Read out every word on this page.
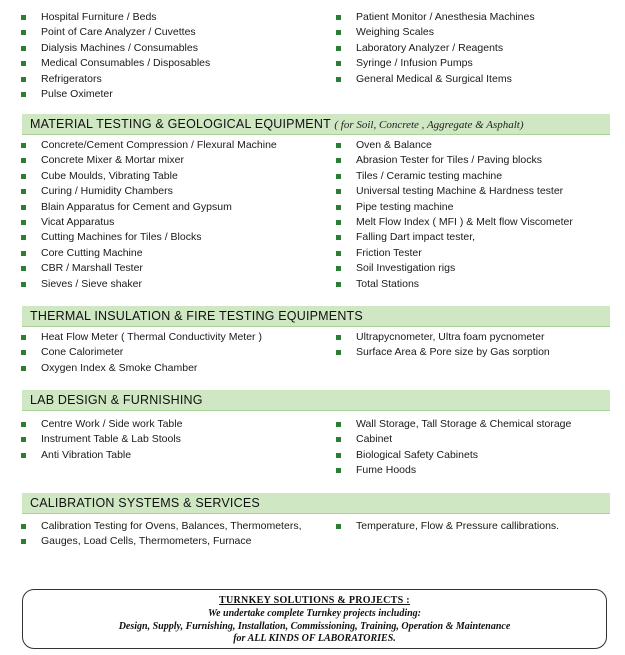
Hospital Furniture / Beds
Point of Care Analyzer / Cuvettes
Dialysis Machines / Consumables
Medical Consumables / Disposables
Refrigerators
Pulse Oximeter
Patient Monitor / Anesthesia Machines
Weighing Scales
Laboratory Analyzer / Reagents
Syringe / Infusion Pumps
General Medical & Surgical Items
MATERIAL TESTING & GEOLOGICAL EQUIPMENT ( for Soil, Concrete , Aggregate & Asphalt)
Concrete/Cement Compression / Flexural Machine
Concrete Mixer & Mortar mixer
Cube Moulds, Vibrating Table
Curing / Humidity Chambers
Blain Apparatus for Cement and Gypsum
Vicat Apparatus
Cutting Machines for Tiles / Blocks
Core Cutting Machine
CBR / Marshall Tester
Sieves / Sieve shaker
Oven & Balance
Abrasion Tester for Tiles / Paving blocks
Tiles / Ceramic testing machine
Universal testing Machine & Hardness tester
Pipe testing machine
Melt Flow Index ( MFI ) & Melt flow Viscometer
Falling Dart impact tester,
Friction Tester
Soil Investigation rigs
Total Stations
THERMAL INSULATION & FIRE TESTING EQUIPMENTS
Heat Flow Meter ( Thermal Conductivity Meter )
Cone Calorimeter
Oxygen Index & Smoke Chamber
Ultrapycnometer, Ultra foam pycnometer
Surface Area & Pore size by Gas sorption
LAB DESIGN & FURNISHING
Centre Work / Side work Table
Instrument Table & Lab Stools
Anti Vibration Table
Wall Storage, Tall Storage & Chemical storage
Cabinet
Biological Safety Cabinets
Fume Hoods
CALIBRATION SYSTEMS & SERVICES
Calibration Testing for Ovens, Balances, Thermometers,
Gauges, Load Cells, Thermometers, Furnace
Temperature, Flow & Pressure callibrations.
TURNKEY SOLUTIONS & PROJECTS :
We undertake complete Turnkey projects including:
Design, Supply, Furnishing, Installation, Commissioning, Training, Operation & Maintenance
for ALL KINDS OF LABORATORIES.
